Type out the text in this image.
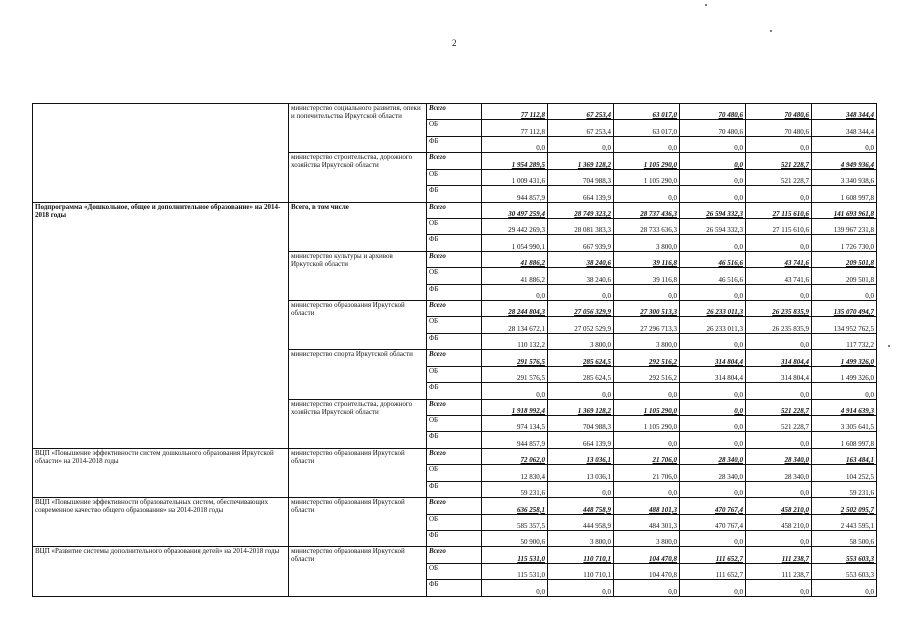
2
	министерство социального развития, опеки и попечительства Иркутской области	Всего	77 112,8	67 253,4	63 017,0	70 480,6	70 480,6	348 344,4
		ОБ	77 112,8	67 253,4	63 017,0	70 480,6	70 480,6	348 344,4
		ФБ	0,0	0,0	0,0	0,0	0,0	0,0
	министерство строительства, дорожного хозяйства Иркутской области	Всего	1 954 289,5	1 369 128,2	1 105 290,0	0,0	521 228,7	4 949 936,4
		ОБ	1 009 431,6	704 988,3	1 105 290,0	0,0	521 228,7	3 340 938,6
		ФБ	944 857,9	664 139,9	0,0	0,0	0,0	1 608 997,8
Подпрограмма «Дошкольное, общее и дополнительное образование» на 2014-2018 годы	Всего, в том числе	Всего	30 497 259,4	28 749 323,2	28 737 436,3	26 594 332,3	27 115 610,6	141 693 961,8
		ОБ	29 442 269,3	28 081 383,3	28 733 636,3	26 594 332,3	27 115 610,6	139 967 231,8
		ФБ	1 054 990,1	667 939,9	3 800,0	0,0	0,0	1 726 730,0
	министерство культуры и архивов Иркутской области	Всего	41 886,2	38 240,6	39 116,8	46 516,6	43 741,6	209 501,8
		ОБ	41 886,2	38 240,6	39 116,8	46 516,6	43 741,6	209 501,8
		ФБ	0,0	0,0	0,0	0,0	0,0	0,0
	министерство образования Иркутской области	Всего	28 244 804,3	27 056 329,9	27 300 513,3	26 233 011,3	26 235 835,9	135 070 494,7
		ОБ	28 134 672,1	27 052 529,9	27 296 713,3	26 233 011,3	26 235 835,9	134 952 762,5
		ФБ	110 132,2	3 800,0	3 800,0	0,0	0,0	117 732,2
	министерство спорта Иркутской области	Всего	291 576,5	285 624,5	292 516,2	314 804,4	314 804,4	1 499 326,0
		ОБ	291 576,5	285 624,5	292 516,2	314 804,4	314 804,4	1 499 326,0
		ФБ	0,0	0,0	0,0	0,0	0,0	0,0
	министерство строительства, дорожного хозяйства Иркутской области	Всего	1 918 992,4	1 369 128,2	1 105 290,0	0,0	521 228,7	4 914 639,3
		ОБ	974 134,5	704 988,3	1 105 290,0	0,0	521 228,7	3 305 641,5
		ФБ	944 857,9	664 139,9	0,0	0,0	0,0	1 608 997,8
ВЦП «Повышение эффективности систем дошкольного образования Иркутской области» на 2014-2018 годы	министерство образования Иркутской области	Всего	72 062,0	13 036,1	21 706,0	28 340,0	28 340,0	163 484,1
		ОБ	12 830,4	13 036,1	21 706,0	28 340,0	28 340,0	104 252,5
		ФБ	59 231,6	0,0	0,0	0,0	0,0	59 231,6
ВЦП «Повышение эффективности образовательных систем, обеспечивающих современное качество общего образования» на 2014-2018 годы	министерство образования Иркутской области	Всего	636 258,1	448 758,9	488 101,3	470 767,4	458 210,0	2 502 095,7
		ОБ	585 357,5	444 958,9	484 301,3	470 767,4	458 210,0	2 443 595,1
		ФБ	50 900,6	3 800,0	3 800,0	0,0	0,0	58 500,6
ВЦП «Развитие системы дополнительного образования детей» на 2014-2018 годы	министерство образования Иркутской области	Всего	115 531,0	110 710,1	104 470,8	111 652,7	111 238,7	553 603,3
		ОБ	115 531,0	110 710,1	104 470,8	111 652,7	111 238,7	553 603,3
		ФБ	0,0	0,0	0,0	0,0	0,0	0,0
